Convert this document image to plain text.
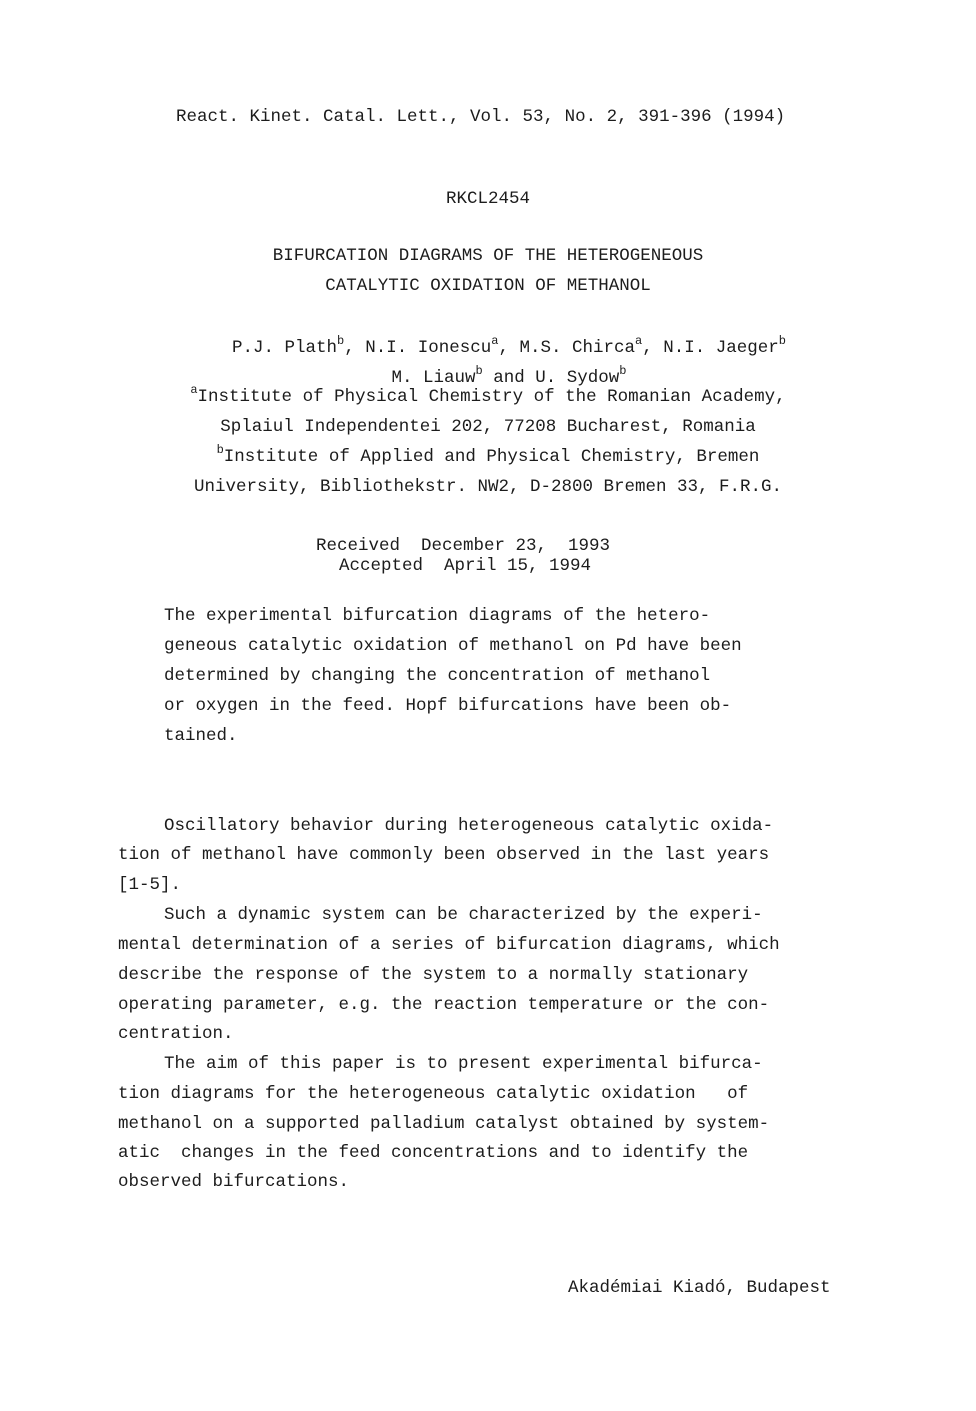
React. Kinet. Catal. Lett., Vol. 53, No. 2, 391-396 (1994)
RKCL2454
BIFURCATION DIAGRAMS OF THE HETEROGENEOUS
CATALYTIC OXIDATION OF METHANOL

P.J. Plath$^b$, N.I. Ionescu$^a$, M.S. Chirca$^a$, N.I. Jaeger$^b$

M. Liauw$^b$ and U. Sydow$^b$

$^a$Institute of Physical Chemistry of the Romanian Academy,
Splaiul Independentei 202, 77208 Bucharest, Romania
$^b$Institute of Applied and Physical Chemistry, Bremen
University, Bibliothekstr. NW2, D-2800 Bremen 33, F.R.G.
Received  December 23,  1993
Accepted  April 15, 1994
The experimental bifurcation diagrams of the hetero-
geneous catalytic oxidation of methanol on Pd have been
determined by changing the concentration of methanol
or oxygen in the feed. Hopf bifurcations have been ob-
tained.
Oscillatory behavior during heterogeneous catalytic oxida-
tion of methanol have commonly been observed in the last years
[1-5].
Such a dynamic system can be characterized by the experi-
mental determination of a series of bifurcation diagrams, which
describe the response of the system to a normally stationary
operating parameter, e.g. the reaction temperature or the con-
centration.
The aim of this paper is to present experimental bifurca-
tion diagrams for the heterogeneous catalytic oxidation   of
methanol on a supported palladium catalyst obtained by system-
atic  changes in the feed concentrations and to identify the
observed bifurcations.
Akadémiai Kiadó, Budapest
